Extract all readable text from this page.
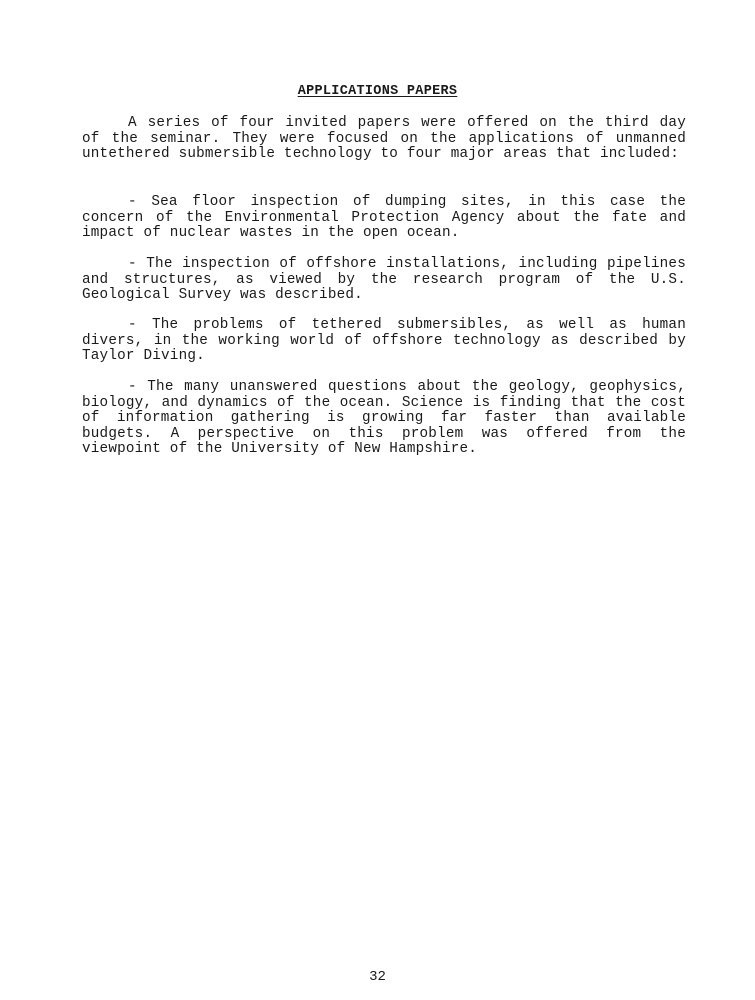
APPLICATIONS PAPERS

A series of four invited papers were offered on the third day of the seminar. They were focused on the applications of unmanned untethered submersible technology to four major areas that included:

- Sea floor inspection of dumping sites, in this case the concern of the Environmental Protection Agency about the fate and impact of nuclear wastes in the open ocean.

- The inspection of offshore installations, including pipelines and structures, as viewed by the research program of the U.S. Geological Survey was described.

- The problems of tethered submersibles, as well as human divers, in the working world of offshore technology as described by Taylor Diving.

- The many unanswered questions about the geology, geophysics, biology, and dynamics of the ocean. Science is finding that the cost of information gathering is growing far faster than available budgets. A perspective on this problem was offered from the viewpoint of the University of New Hampshire.

32
